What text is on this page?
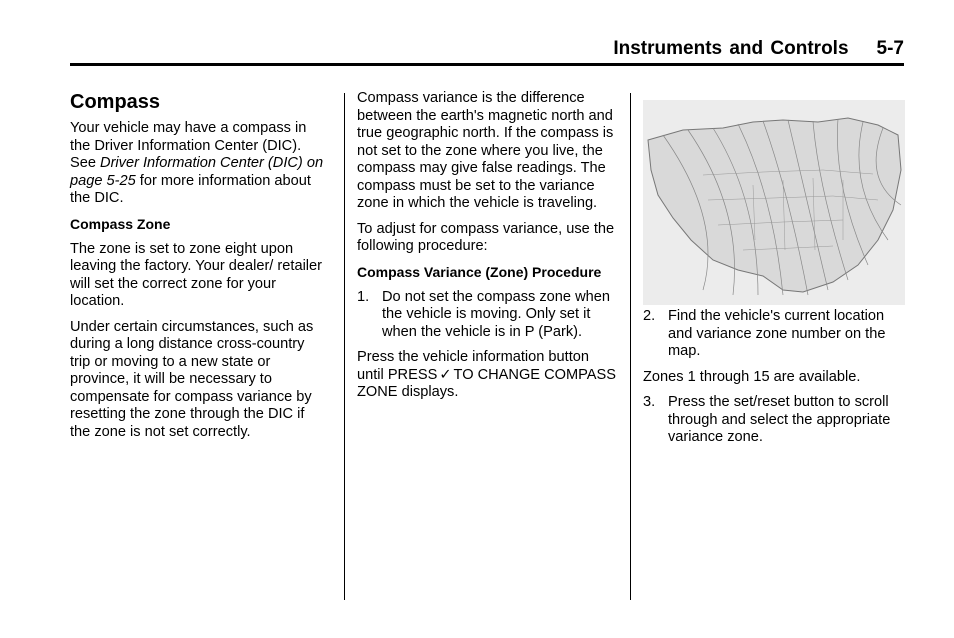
Instruments and Controls 5-7
Compass

Your vehicle may have a compass in the Driver Information Center (DIC). See Driver Information Center (DIC) on page 5-25 for more information about the DIC.

Compass Zone

The zone is set to zone eight upon leaving the factory. Your dealer/ retailer will set the correct zone for your location.

Under certain circumstances, such as during a long distance cross-country trip or moving to a new state or province, it will be necessary to compensate for compass variance by resetting the zone through the DIC if the zone is not set correctly.

Compass variance is the difference between the earth's magnetic north and true geographic north. If the compass is not set to the zone where you live, the compass may give false readings. The compass must be set to the variance zone in which the vehicle is traveling.

To adjust for compass variance, use the following procedure:

Compass Variance (Zone) Procedure
1. Do not set the compass zone when the vehicle is moving. Only set it when the vehicle is in P (Park).

Press the vehicle information button until PRESS ✓ TO CHANGE COMPASS ZONE displays.

2. Find the vehicle's current location and variance zone number on the map.

Zones 1 through 15 are available.

3. Press the set/reset button to scroll through and select the appropriate variance zone.
